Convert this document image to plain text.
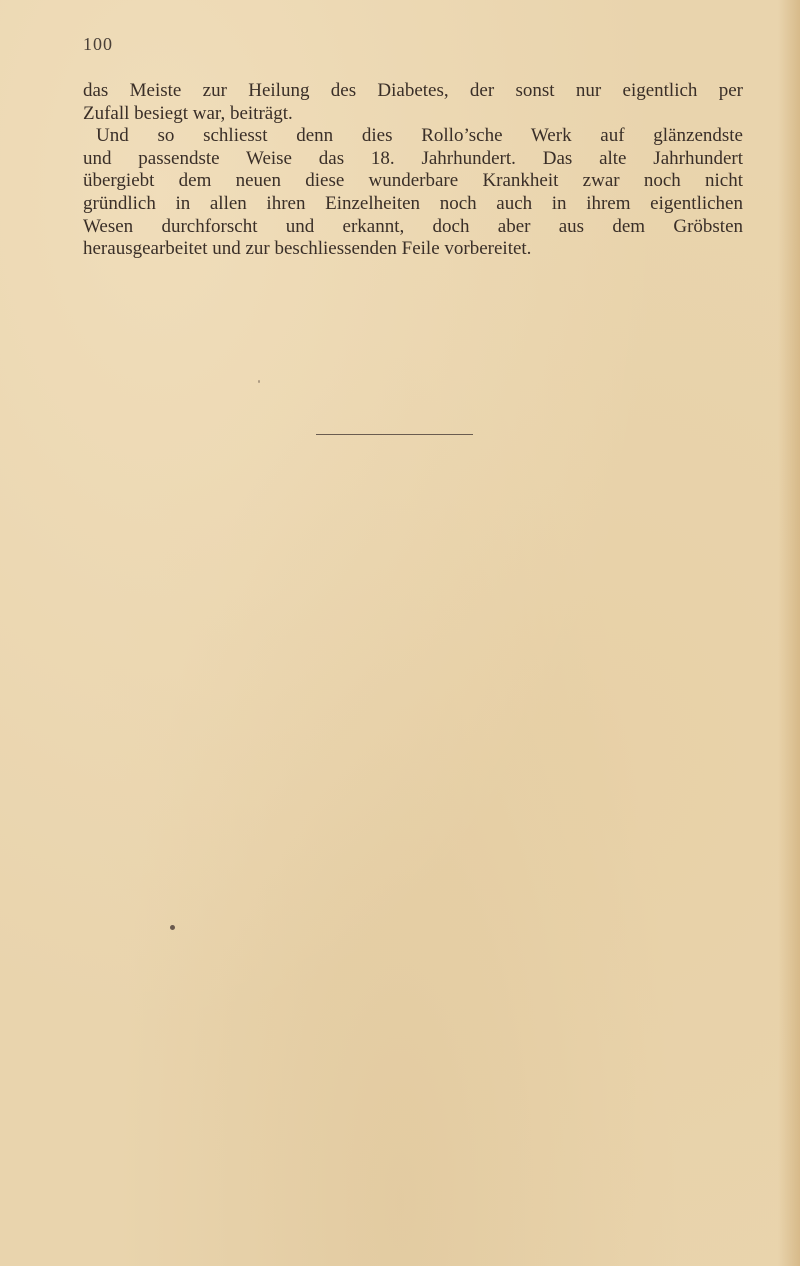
100
das Meiste zur Heilung des Diabetes, der sonst nur eigentlich per
Zufall besiegt war, beiträgt.
Und so schliesst denn dies Rollo’sche Werk auf glänzendste
und passendste Weise das 18. Jahrhundert. Das alte Jahrhundert
übergiebt dem neuen diese wunderbare Krankheit zwar noch nicht
gründlich in allen ihren Einzelheiten noch auch in ihrem eigentlichen
Wesen durchforscht und erkannt, doch aber aus dem Gröbsten
herausgearbeitet und zur beschliessenden Feile vorbereitet.
